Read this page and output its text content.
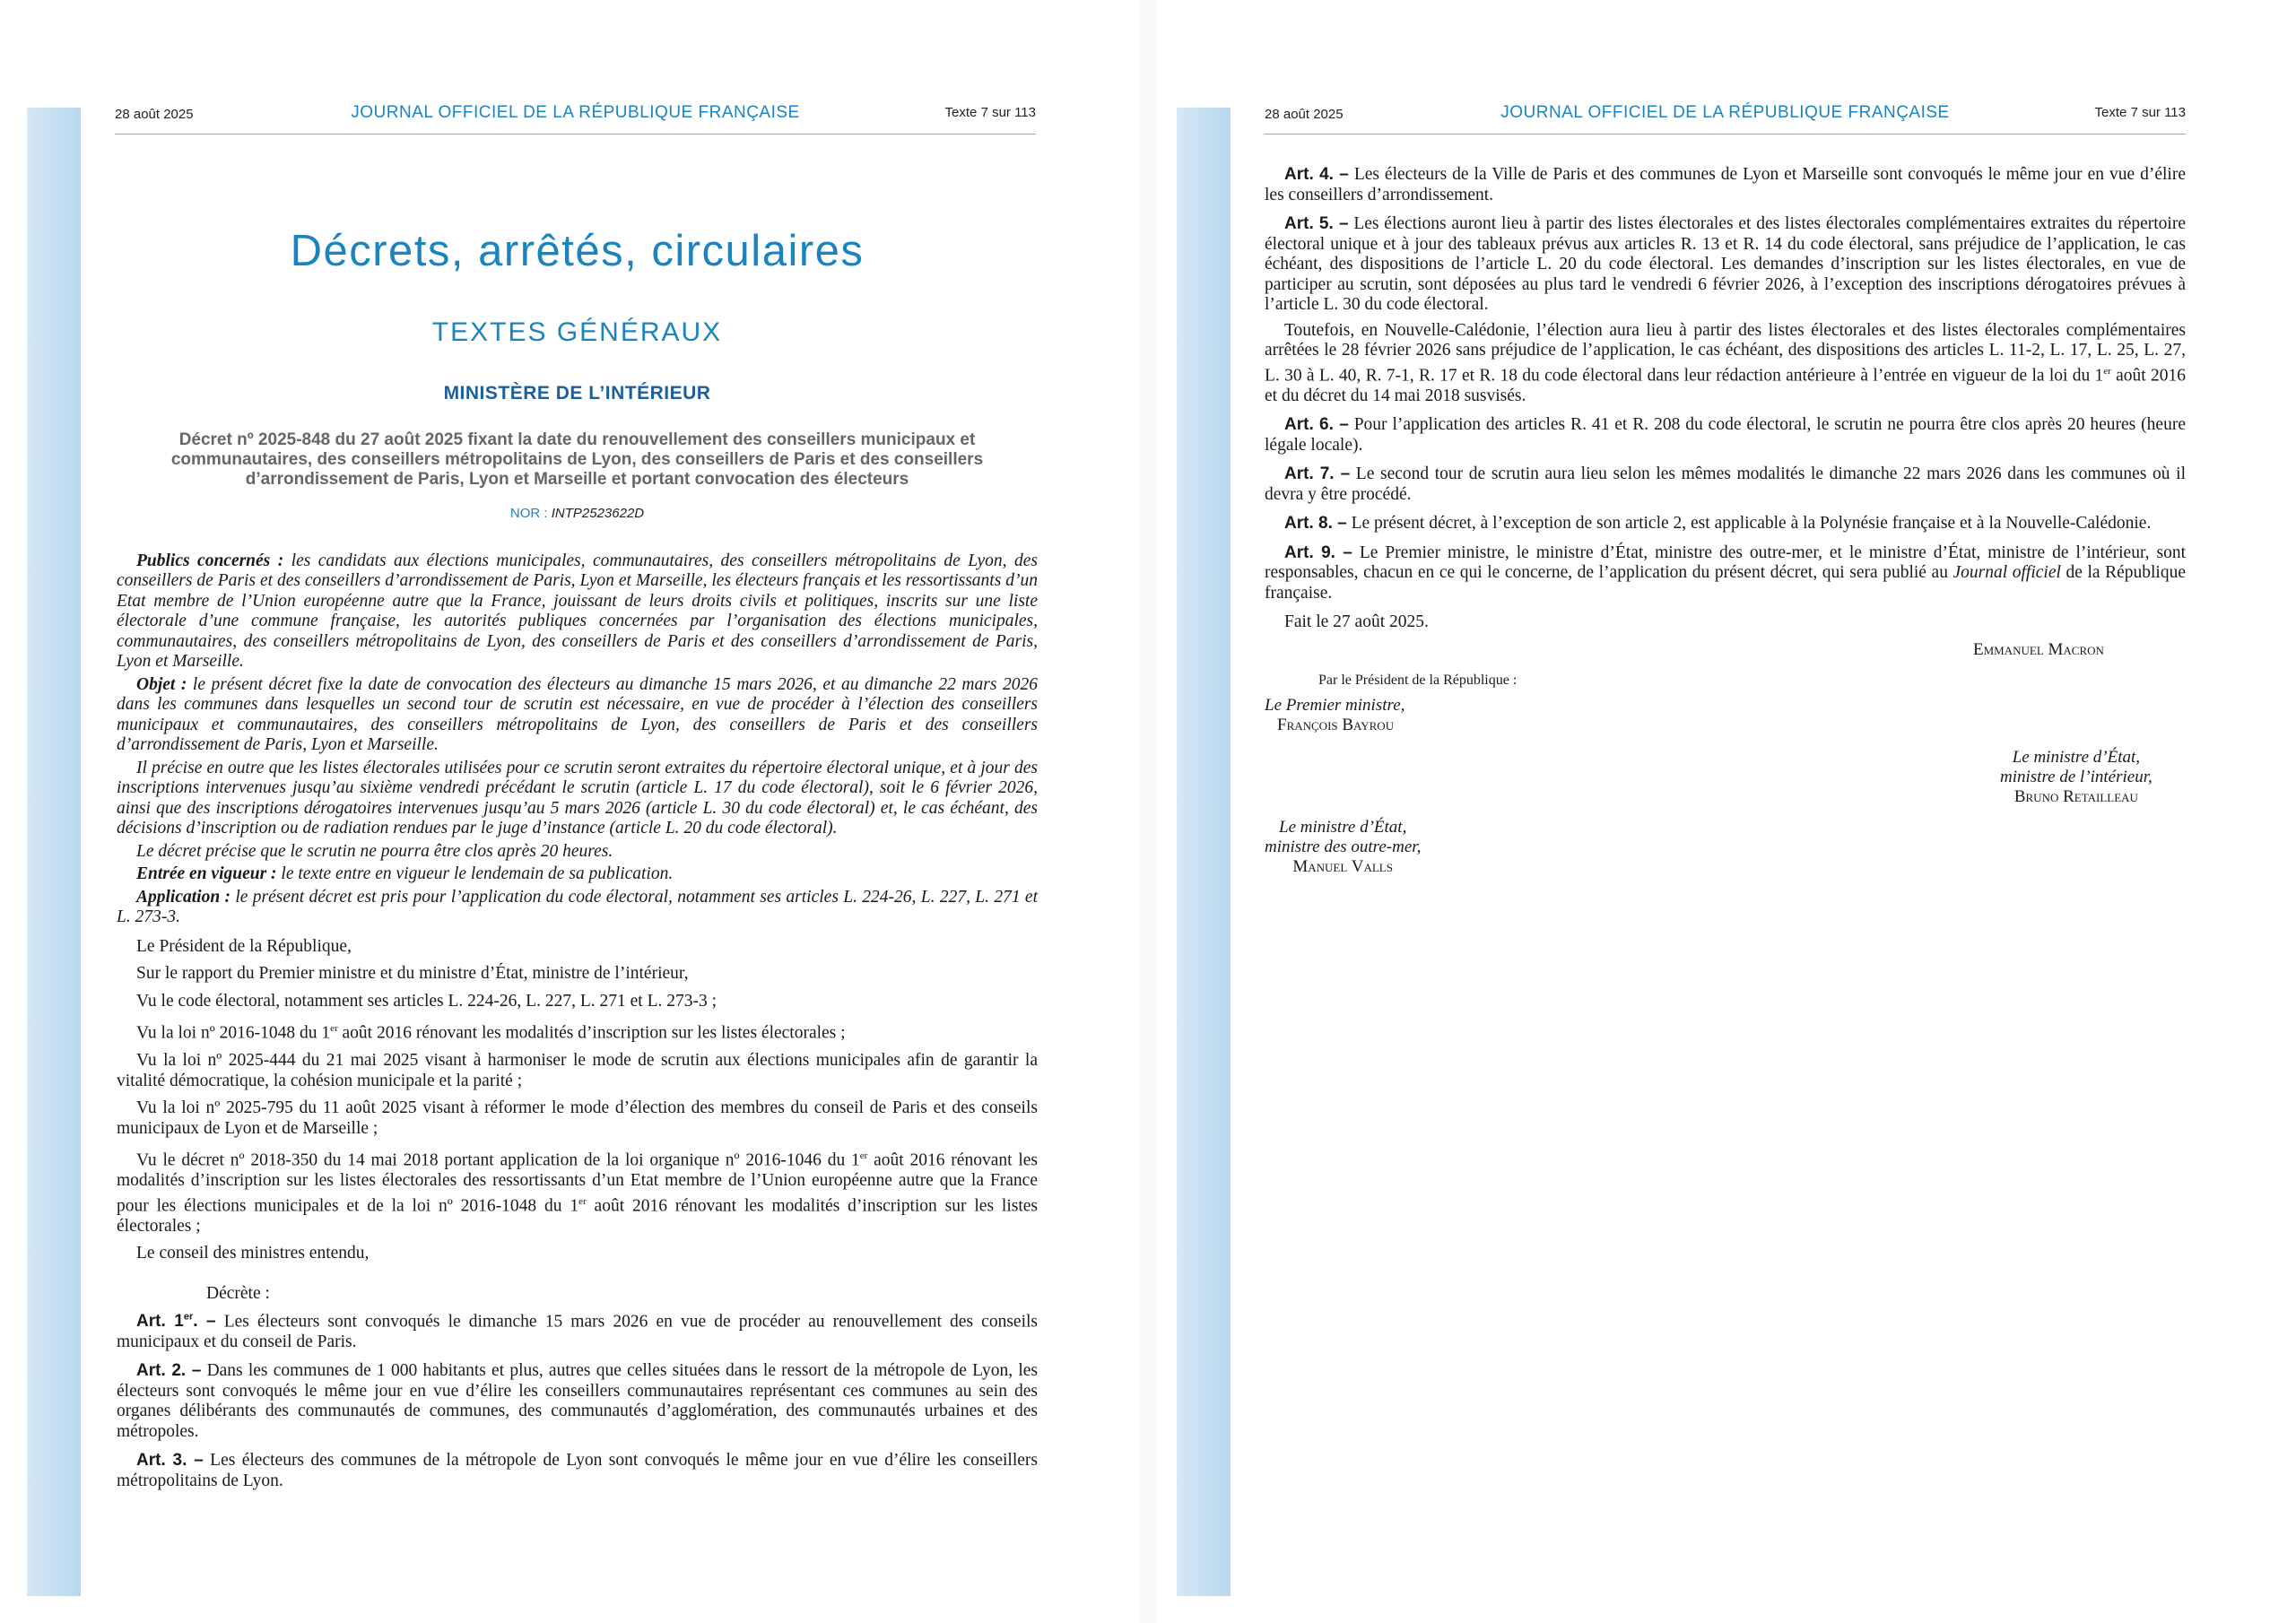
28 août 2025	JOURNAL OFFICIEL DE LA RÉPUBLIQUE FRANÇAISE	Texte 7 sur 113
Décrets, arrêtés, circulaires
TEXTES GÉNÉRAUX
MINISTÈRE DE L’INTÉRIEUR
Décret nº 2025-848 du 27 août 2025 fixant la date du renouvellement des conseillers municipaux et communautaires, des conseillers métropolitains de Lyon, des conseillers de Paris et des conseillers d’arrondissement de Paris, Lyon et Marseille et portant convocation des électeurs
NOR : INTP2523622D

Publics concernés : les candidats aux élections municipales, communautaires, des conseillers métropolitains de Lyon, des conseillers de Paris et des conseillers d’arrondissement de Paris, Lyon et Marseille, les électeurs français et les ressortissants d’un Etat membre de l’Union européenne autre que la France, jouissant de leurs droits civils et politiques, inscrits sur une liste électorale d’une commune française, les autorités publiques concernées par l’organisation des élections municipales, communautaires, des conseillers métropolitains de Lyon, des conseillers de Paris et des conseillers d’arrondissement de Paris, Lyon et Marseille.

Objet : le présent décret fixe la date de convocation des électeurs au dimanche 15 mars 2026, et au dimanche 22 mars 2026 dans les communes dans lesquelles un second tour de scrutin est nécessaire, en vue de procéder à l’élection des conseillers municipaux et communautaires, des conseillers métropolitains de Lyon, des conseillers de Paris et des conseillers d’arrondissement de Paris, Lyon et Marseille.

Il précise en outre que les listes électorales utilisées pour ce scrutin seront extraites du répertoire électoral unique, et à jour des inscriptions intervenues jusqu’au sixième vendredi précédant le scrutin (article L. 17 du code électoral), soit le 6 février 2026, ainsi que des inscriptions dérogatoires intervenues jusqu’au 5 mars 2026 (article L. 30 du code électoral) et, le cas échéant, des décisions d’inscription ou de radiation rendues par le juge d’instance (article L. 20 du code électoral).

Le décret précise que le scrutin ne pourra être clos après 20 heures.

Entrée en vigueur : le texte entre en vigueur le lendemain de sa publication.

Application : le présent décret est pris pour l’application du code électoral, notamment ses articles L. 224-26, L. 227, L. 271 et L. 273-3.

Le Président de la République,

Sur le rapport du Premier ministre et du ministre d’État, ministre de l’intérieur,

Vu le code électoral, notamment ses articles L. 224-26, L. 227, L. 271 et L. 273-3 ;

Vu la loi nº 2016-1048 du 1er août 2016 rénovant les modalités d’inscription sur les listes électorales ;

Vu la loi nº 2025-444 du 21 mai 2025 visant à harmoniser le mode de scrutin aux élections municipales afin de garantir la vitalité démocratique, la cohésion municipale et la parité ;

Vu la loi nº 2025-795 du 11 août 2025 visant à réformer le mode d’élection des membres du conseil de Paris et des conseils municipaux de Lyon et de Marseille ;

Vu le décret nº 2018-350 du 14 mai 2018 portant application de la loi organique nº 2016-1046 du 1er août 2016 rénovant les modalités d’inscription sur les listes électorales des ressortissants d’un Etat membre de l’Union européenne autre que la France pour les élections municipales et de la loi nº 2016-1048 du 1er août 2016 rénovant les modalités d’inscription sur les listes électorales ;

Le conseil des ministres entendu,

Décrète :

Art. 1er. – Les électeurs sont convoqués le dimanche 15 mars 2026 en vue de procéder au renouvellement des conseils municipaux et du conseil de Paris.

Art. 2. – Dans les communes de 1 000 habitants et plus, autres que celles situées dans le ressort de la métropole de Lyon, les électeurs sont convoqués le même jour en vue d’élire les conseillers communautaires représentant ces communes au sein des organes délibérants des communautés de communes, des communautés d’agglomération, des communautés urbaines et des métropoles.

Art. 3. – Les électeurs des communes de la métropole de Lyon sont convoqués le même jour en vue d’élire les conseillers métropolitains de Lyon.

28 août 2025	JOURNAL OFFICIEL DE LA RÉPUBLIQUE FRANÇAISE	Texte 7 sur 113

Art. 4. – Les électeurs de la Ville de Paris et des communes de Lyon et Marseille sont convoqués le même jour en vue d’élire les conseillers d’arrondissement.

Art. 5. – Les élections auront lieu à partir des listes électorales et des listes électorales complémentaires extraites du répertoire électoral unique et à jour des tableaux prévus aux articles R. 13 et R. 14 du code électoral, sans préjudice de l’application, le cas échéant, des dispositions de l’article L. 20 du code électoral. Les demandes d’inscription sur les listes électorales, en vue de participer au scrutin, sont déposées au plus tard le vendredi 6 février 2026, à l’exception des inscriptions dérogatoires prévues à l’article L. 30 du code électoral.

Toutefois, en Nouvelle-Calédonie, l’élection aura lieu à partir des listes électorales et des listes électorales complémentaires arrêtées le 28 février 2026 sans préjudice de l’application, le cas échéant, des dispositions des articles L. 11-2, L. 17, L. 25, L. 27, L. 30 à L. 40, R. 7-1, R. 17 et R. 18 du code électoral dans leur rédaction antérieure à l’entrée en vigueur de la loi du 1er août 2016 et du décret du 14 mai 2018 susvisés.

Art. 6. – Pour l’application des articles R. 41 et R. 208 du code électoral, le scrutin ne pourra être clos après 20 heures (heure légale locale).

Art. 7. – Le second tour de scrutin aura lieu selon les mêmes modalités le dimanche 22 mars 2026 dans les communes où il devra y être procédé.

Art. 8. – Le présent décret, à l’exception de son article 2, est applicable à la Polynésie française et à la Nouvelle-Calédonie.

Art. 9. – Le Premier ministre, le ministre d’État, ministre des outre-mer, et le ministre d’État, ministre de l’intérieur, sont responsables, chacun en ce qui le concerne, de l’application du présent décret, qui sera publié au Journal officiel de la République française.

Fait le 27 août 2025.

Emmanuel Macron
Par le Président de la République :
Le Premier ministre,
François Bayrou
Le ministre d’État,
ministre de l’intérieur,
Bruno Retailleau
Le ministre d’État,
ministre des outre-mer,
Manuel Valls
